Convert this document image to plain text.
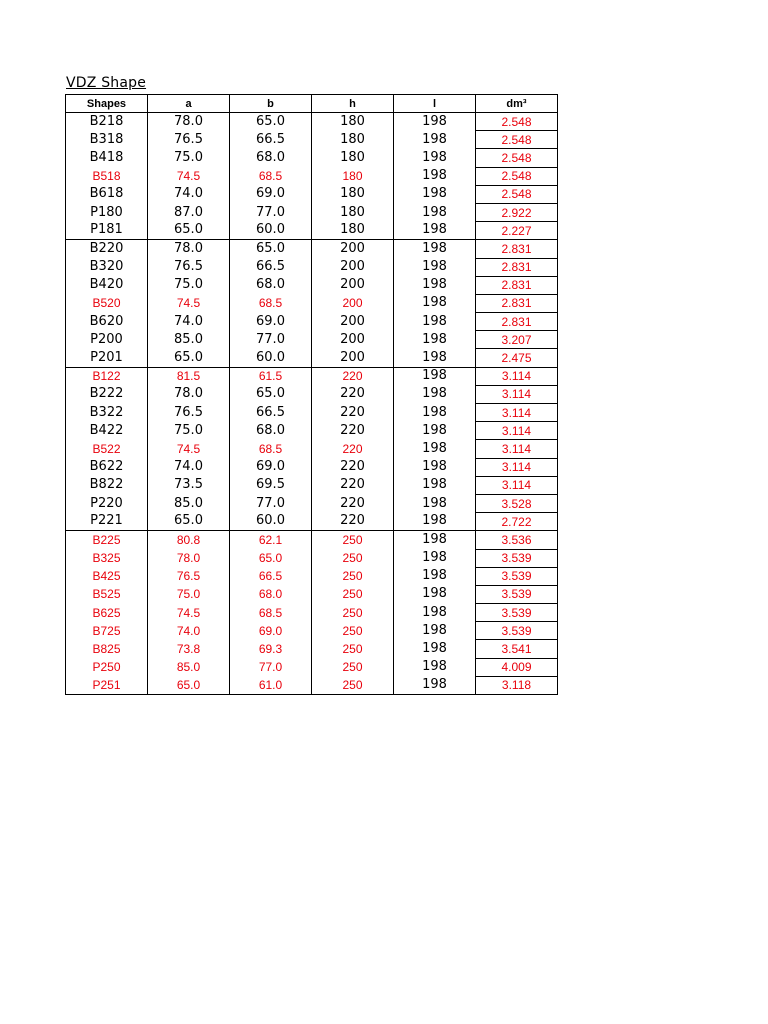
VDZ Shape
Shapes	a	b	h	l	dm³
B218	78.0	65.0	180	198	2.548
B318	76.5	66.5	180	198	2.548
B418	75.0	68.0	180	198	2.548
B518	74.5	68.5	180	198	2.548
B618	74.0	69.0	180	198	2.548
P180	87.0	77.0	180	198	2.922
P181	65.0	60.0	180	198	2.227
B220	78.0	65.0	200	198	2.831
B320	76.5	66.5	200	198	2.831
B420	75.0	68.0	200	198	2.831
B520	74.5	68.5	200	198	2.831
B620	74.0	69.0	200	198	2.831
P200	85.0	77.0	200	198	3.207
P201	65.0	60.0	200	198	2.475
B122	81.5	61.5	220	198	3.114
B222	78.0	65.0	220	198	3.114
B322	76.5	66.5	220	198	3.114
B422	75.0	68.0	220	198	3.114
B522	74.5	68.5	220	198	3.114
B622	74.0	69.0	220	198	3.114
B822	73.5	69.5	220	198	3.114
P220	85.0	77.0	220	198	3.528
P221	65.0	60.0	220	198	2.722
B225	80.8	62.1	250	198	3.536
B325	78.0	65.0	250	198	3.539
B425	76.5	66.5	250	198	3.539
B525	75.0	68.0	250	198	3.539
B625	74.5	68.5	250	198	3.539
B725	74.0	69.0	250	198	3.539
B825	73.8	69.3	250	198	3.541
P250	85.0	77.0	250	198	4.009
P251	65.0	61.0	250	198	3.118
